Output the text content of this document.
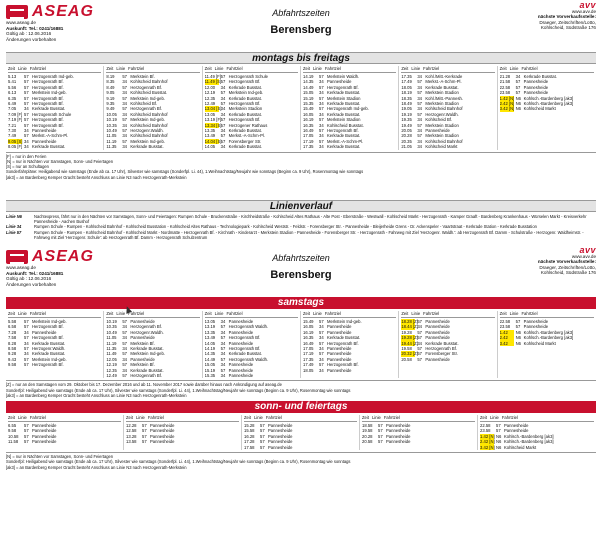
ASEAG
www.aseag.de
Auskunft: Tel.: 0241/16881
Gültig ab : 12.06.2016
Änderungen vorbehalten
Abfahrtszeiten
Berensberg
avv
www.avv.de
nächste Vorverkaufsstelle:
Draeger, Zeitschriften/Lotto,
Kohlscheid, Südstraße 176
montags bis freitags
Zeit Linie Fahrtziel
5.13	57 Herzogenrath Ind-geb.
5.41	57 Herzogenrath Bf.
5.56	57 Herzogenrath Bf.
6.13	57 Merkstein Ind-geb.
6.35	57 Herzogenrath Bf.
6.49	57 Herzogenrath Bf.
7.05	34 Kerkrade Busstat.
7.09 [F] 57 Herzogenrath Schule
7.19 [F] 57 Herzogenrath Bf.
7.21	57 Herzogenrath Bf.
7.30	34 Pannesheide
7.49	57 Merkst.-A-Schm-Pl.
8.05 [S] 34 Pannesheide
8.05 [F] 34 Kerkrade Busstat.
Zeit Linie Fahrtziel
8.19	57 Merkstein Bf.
8.35	34 Kohlscheid Bahnhof
8.49	57 Herzogenrath Bf.
9.05	34 Kohlscheid Busstat.
9.19	57 Merkstein Ind-geb.
9.35	34 Kohlscheid Bf.
9.49	57 Herzogenrath Bf.
10.05	34 Kohlscheid Bahnhof
10.19	57 Merkstein Ind-geb.
10.35	34 Kohlscheid Bahnhof
10.49	57 Herzogenr.Waldh.
11.05	34 Kohlscheid Bahnhof
11.19	57 Merkstein Ind-geb.
11.35	34 Kerkrade Busstat.
Zeit Linie Fahrtziel
11.49 [F] 57 Herzogenrath Schule
11.49 [S] 57 Herzogenrath Bf.
12.00	34 Kerkrade Busstat.
12.19	57 Merkstein Ind-geb.
12.35	34 Kerkrade Busstat.
12.49	57 Herzogenrath Bf.
13.04 [S] 34 Merkstein Stadion
13.05	34 Kerkrade Busstat.
13.19 [F] 57 Herzogenrath Bf.
13.34 [S] 57 Herzogener Rathaus
13.35	34 Kerkrade Busstat.
13.49	57 Merkst.-A-Schm-Pl.
14.04 [S] 57 Forensberger Str.
14.05	34 Kerkrade Busstat.
Zeit Linie Fahrtziel
14.19	57 Merkstein Waldh.
14.35	34 Pannesheide
14.49	57 Herzogenrath Bf.
15.05	34 Kerkrade Busstat.
15.19	57 Merkstein Stadion
15.35	34 Kerkrade Busstat.
15.49	57 Herzogenrath Ind-geb.
16.05	34 Kerkrade Busstat.
16.19	57 Merkstein Stadion
16.35	34 Kohlscheid Busstat.
16.49	57 Herzogenrath Bf.
17.05	34 Kerkrade Busstat.
17.19	57 Merkst.-A-Schm-Pl.
17.35	34 Kerkrade Busstat.
Zeit Linie Fahrtziel
17.35	34 Kohl./Mitt.-Kerkrade
17.49	57 Merkst.-A-Schm-Pl.
18.05	34 Kerkrade Busstat.
18.19	57 Merkstein Stadion
18.35	34 Kohl./Mitt.-Pannesh.
18.49	57 Merkstein Stadion
19.05	34 Kohlscheid Bahnhof
19.19	57 Herzogenr.Waldh.
19.35	34 Kohlscheid Bf.
19.49	57 Merkstein Stadion
20.05	34 Pannesheide
20.28	57 Merkstein Stadion
20.35	34 Kohlscheid Bahnhof
21.05	34 Kohlscheid Markt
Zeit Linie Fahrtziel
21.28	34 Kerkrade Busstat.
21.58	57 Pannesheide
22.58	57 Pannesheide
23.58	57 Pannesheide
1.42 [N] N6 Kohlsch.-Bardenberg [ak3]
2.42 [N] N6 Kohlsch.-Bardenberg [ak3]
3.42 [N] N6 Kohlscheid Markt
[F] = nur in den Ferien
[N] = nur in Nächten vor Samstagen, Sonn- und Feiertagen
[S] = nur an Schultagen
Sonderfahrpläne: Heiligabend wie samstags (Ende ab ca. 17 Uhr), Silvester wie samstags (Sonderfpl. Li. 44), 1.Weihnachtstag/Neujahr wie sonntags (Beginn ca. 9 Uhr), Rosenmontag wie sonntags
[ak3] = an Bardenberg Kemper Gracht besteht Anschluss an Linie N3 nach Herzogenrath-Merkstein
ASEAG
www.aseag.de
Auskunft: Tel.: 0241/16881
Gültig ab : 12.06.2016
Änderungen vorbehalten
Abfahrtszeiten
Berensberg
avv
www.avv.de
nächste Vorverkaufsstelle:
Draeger, Zeitschriften/Lotto,
Kohlscheid, Südstraße 176
samstags
Zeit Linie Fahrtziel
5.58	57 Merkstein Ind-geb.
6.58	57 Herzogenrath Bf.
7.28	34 Pannesheide
7.58	57 Herzogenrath Bf.
8.28	34 Kerkrade Busstat.
8.58	57 Herzogenr.Waldh.
9.28	34 Kerkrade Busstat.
9.43	57 Merkstein Ind-geb.
9.58	57 Herzogenrath Bf.
Zeit Linie Fahrtziel
10.19	57 Pannesheide
10.35	34 Herzogenrath Bf.
10.49	57 Herzogenr.Waldh.
11.05	34 Pannesheide
11.19	57 Merkstein Bf.
11.35	34 Kerkrade Busstat.
11.49	57 Merkstein Ind-geb.
12.05	34 Pannesheide
12.19	57 Merkstein Bf.
12.35	34 Kerkrade Busstat.
12.49	57 Herzogenrath Bf.
Zeit Linie Fahrtziel
13.05	34 Pannesheide
13.19	57 Herzogenrath Waldh.
13.35	34 Pannesheide
13.49	57 Herzogenrath Bf.
14.05	34 Pannesheide
14.19	57 Herzogenrath Bf.
14.35	34 Kerkrade Busstat.
14.49	57 Herzogenrath Waldh.
15.05	34 Pannesheide
15.19	57 Pannesheide
15.35	34 Pannesheide
Zeit Linie Fahrtziel
15.49	57 Merkstein Ind-geb.
16.05	34 Pannesheide
16.19	57 Pannesheide
16.35	34 Kerkrade Busstat.
16.49	57 Herzogenrath Bf.
17.05	34 Pannesheide
17.19	57 Pannesheide
17.35	34 Pannesheide
17.49	57 Herzogenrath Bf.
18.05	34 Pannesheide
Zeit Linie Fahrtziel
18.28 [Z] 57 Pannesheide
18.44 [Z] 34 Pannesheide
19.28	57 Pannesheide
19.28 [Z] 57 Pannesheide
19.44 [Z] 34 Kerkrade Busstat.
19.58	57 Herzogenrath Bf.
20.32 [Z] 57 Forensberger Str.
20.58	57 Pannesheide
Zeit Linie Fahrtziel
22.58	57 Pannesheide
23.58	57 Pannesheide
1.42	N6 Kohlsch.-Bardenberg [ak3]
2.42	N6 Kohlsch.-Bardenberg [ak3]
3.42	N6 Kohlscheid Markt
[Z] = nur an den Samstagen vom 29. Oktober bis 17. Dezember 2016 und ab 11. November 2017 sowie darüber hinaus nach Ankündigung auf aseag.de
Sonderfpl: Heiligabend wie samstags (Ende ab ca. 17 Uhr), Silvester wie samstags (Sonderfpl. Li. 44), 1.Weihnachtstag/Neujahr wie sonntags (Beginn ca. 9 Uhr), Rosenmontag wie sonntags
[ak3] = an Bardenberg Kemper Gracht besteht Anschluss an Linie N3 nach Herzogenrath-Merkstein
sonn- und feiertags
Zeit Linie Fahrtziel
6.55	57 Pannesheide
9.58	57 Pannesheide
10.58	57 Pannesheide
11.58	57 Pannesheide
Zeit Linie Fahrtziel
12.28	57 Pannesheide
12.58	57 Pannesheide
13.28	57 Pannesheide
13.58	57 Pannesheide
Zeit Linie Fahrtziel
15.28	57 Pannesheide
15.58	57 Pannesheide
16.28	57 Pannesheide
17.28	57 Pannesheide
17.58	57 Pannesheide
Zeit Linie Fahrtziel
18.58	57 Pannesheide
19.58	57 Pannesheide
20.28	57 Pannesheide
20.58	57 Pannesheide
Zeit Linie Fahrtziel
22.58	57 Pannesheide
23.58	57 Pannesheide
1.42 [N] N6 Kohlsch.-Bardenberg [ak3]
2.42 [N] N6 Kohlsch.-Bardenberg [ak3]
3.42 [N] N6 Kohlscheid Markt
[N] = nur in Nächten vor Samstagen, Sonn- und Feiertagen
Sonderfpl: Heiligabend wie samstags (Ende ab ca. 17 Uhr), Silvester wie samstags (Sonderfpl. Li. 44), 1.Weihnachtstag/Neujahr wie sonntags (Beginn ca. 9 Uhr), Rosenmontag wie sonntags
[ak3] = an Bardenberg Kemper Gracht besteht Anschluss an Linie N3 nach Herzogenrath-Merkstein
Linienverlauf
Linie N6	Nachtexpress, fährt nur in den Nächten vor Samstagen, Sonn- und Feiertagen: Rumpen Schule - Bruckenstraße - Kirchheidstraße - Kohlscheid Altes Rathaus - Alte Post - Eberstraße - Westwall - Kohlscheid Markt - Herzogenrath - Kamper Graaft - Bardenberg Krankenhaus - Würselen Markt - Kreisverkehr Pannesheide - Aachen Bushof
Linie 34	Rumpen Schule - Rumpen - Kohlscheid Bahnhof - Kohlscheid Busstation - Kohlscheid Altes Rathaus - Technologiepark - Kohlscheid Weststr. - Feldstr. - Forensberger Str. - Pannesheide - Bleijerheide Grens - Dr. Ackenspeler - Vaartstraat - Kerkrade Station - Kerkrade Busstation
Linie 57	Rumpen Schule - Rumpen - Kohlscheid Bahnhof - Kohlscheid Markt - Nordmatte - Herzogenrath Bf. - Kirchrath - Kinderarzt - Merkstein Stadion - Pannesheide - Forensberger Str. - Herzogenrath - Fahrweg mit Ziel 'Herzogenr. Waldh.': ab Herzogenrath Bf. Damm - Schulstraße - Herzogenr. Waldheimstr. - Fahrweg mit Ziel 'Herzogenr. Schule': ab Herzogenrath Bf. Damm - Herzogenrath Schulzentrum
